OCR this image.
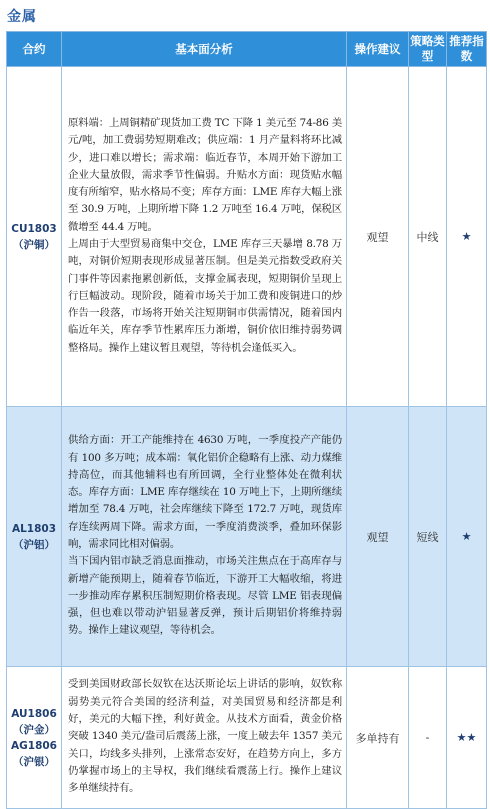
金属
合约	基本面分析	操作建议	策略类型	推荐指数

CU1803
（沪铜）	原料端：上周铜精矿现货加工费 TC 下降 1 美元至 74-86 美元/吨，加工费弱势短期难改；供应端：1 月产量料将环比减少，进口难以增长；需求端：临近春节，本周开始下游加工企业大量放假，需求季节性偏弱。升贴水方面：现货贴水幅度有所缩窄，贴水格局不变；库存方面：LME 库存大幅上涨至 30.9 万吨，上期所增下降 1.2 万吨至 16.4 万吨，保税区微增至 44.4 万吨。
上周由于大型贸易商集中交仓，LME 库存三天暴增 8.78 万吨，对铜价短期表现形成显著压制。但是美元指数受政府关门事件等因素拖累创新低，支撑金属表现，短期铜价呈现上行巨幅波动。现阶段，随着市场关于加工费和废铜进口的炒作告一段落，市场将开始关注短期铜市供需情况，随着国内临近年关，库存季节性累库压力渐增，铜价依旧维持弱势调整格局。操作上建议暂且观望，等待机会逢低买入。	观望	中线	★

AL1803
（沪铝）	供给方面：开工产能维持在 4630 万吨，一季度投产产能仍有 100 多万吨；成本端：氧化铝价企稳略有上涨、动力煤维持高位，而其他辅料也有所回调，全行业整体处在微利状态。库存方面：LME 库存继续在 10 万吨上下，上期所继续增加至 78.4 万吨，社会库继续下降至 172.7 万吨，现货库存连续两周下降。需求方面，一季度消费淡季，叠加环保影响，需求同比相对偏弱。
当下国内铝市缺乏消息面推动，市场关注焦点在于高库存与新增产能预期上，随着春节临近，下游开工大幅收缩，将进一步推动库存累积压制短期价格表现。尽管 LME 铝表现偏强，但也难以带动沪铝显著反弹，预计后期铝价将维持弱势。操作上建议观望，等待机会。	观望	短线	★

AU1806
（沪金）
AG1806
（沪银）	受到美国财政部长奴钦在达沃斯论坛上讲话的影响，奴钦称弱势美元符合美国的经济利益，对美国贸易和经济都是利好，美元的大幅下挫，利好黄金。从技术方面看，黄金价格突破 1340 美元/盎司后震荡上涨，一度上破去年 1357 美元关口，均线多头排列，上涨常态安好，在趋势方向上，多方仍掌握市场上的主导权，我们继续看震荡上行。操作上建议多单继续持有。	多单持有	-	★★
